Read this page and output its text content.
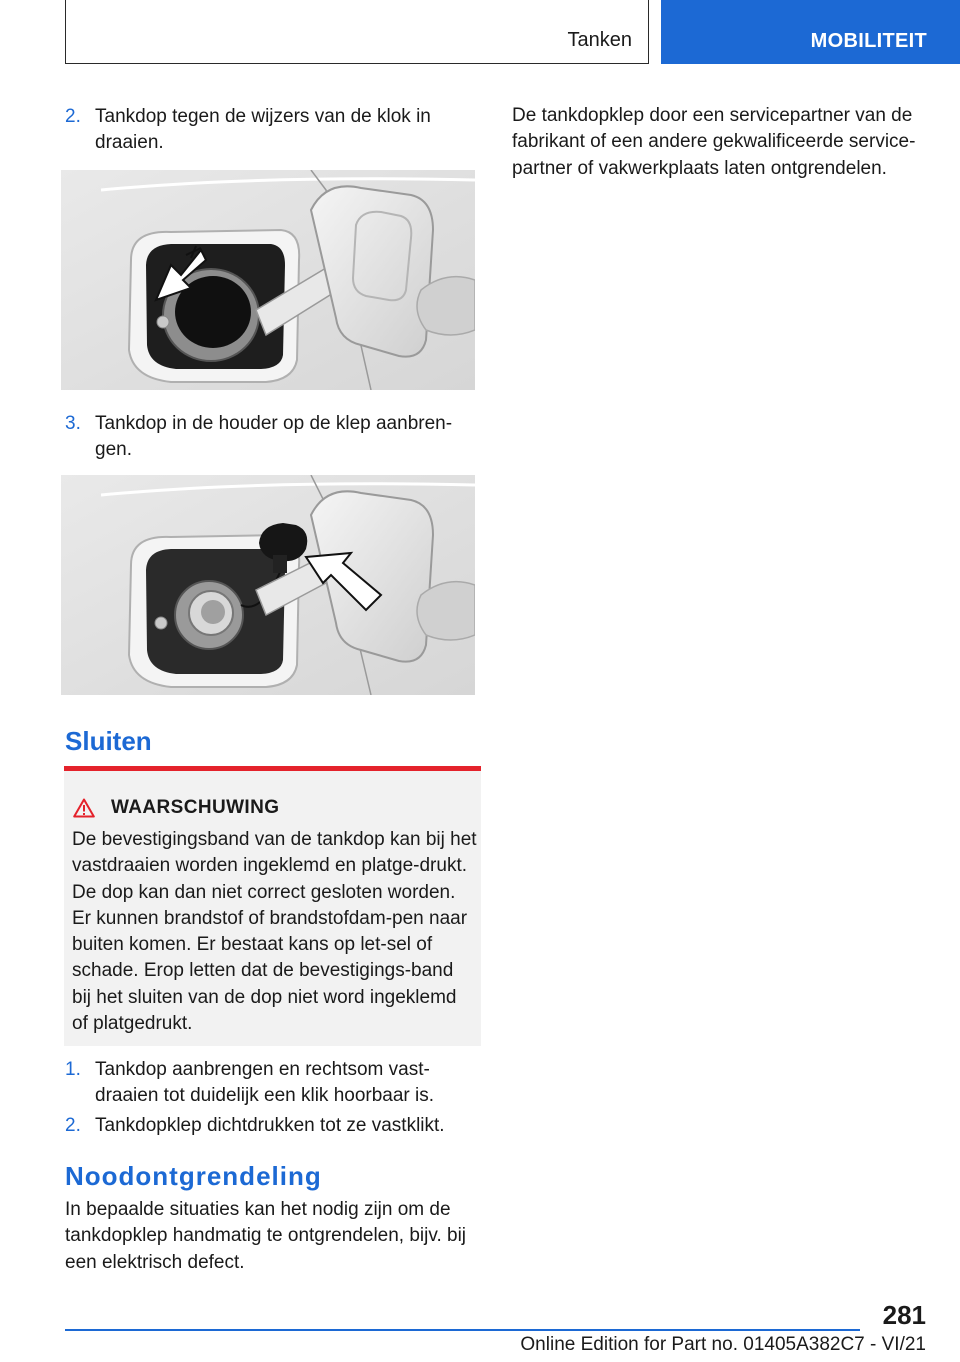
Tanken	MOBILITEIT
2. Tankdop tegen de wijzers van de klok in draaien.
3. Tankdop in de houder op de klep aanbren-gen.
Sluiten
WAARSCHUWING
De bevestigingsband van de tankdop kan bij het vastdraaien worden ingeklemd en platge-drukt. De dop kan dan niet correct gesloten worden. Er kunnen brandstof of brandstofdam-pen naar buiten komen. Er bestaat kans op let-sel of schade. Erop letten dat de bevestigings-band bij het sluiten van de dop niet word ingeklemd of platgedrukt.
1. Tankdop aanbrengen en rechtsom vast-draaien tot duidelijk een klik hoorbaar is.
2. Tankdopklep dichtdrukken tot ze vastklikt.
Noodontgrendeling
In bepaalde situaties kan het nodig zijn om de tankdopklep handmatig te ontgrendelen, bijv. bij een elektrisch defect.
De tankdopklep door een servicepartner van de fabrikant of een andere gekwalificeerde service-partner of vakwerkplaats laten ontgrendelen.
281
Online Edition for Part no. 01405A382C7 - VI/21
